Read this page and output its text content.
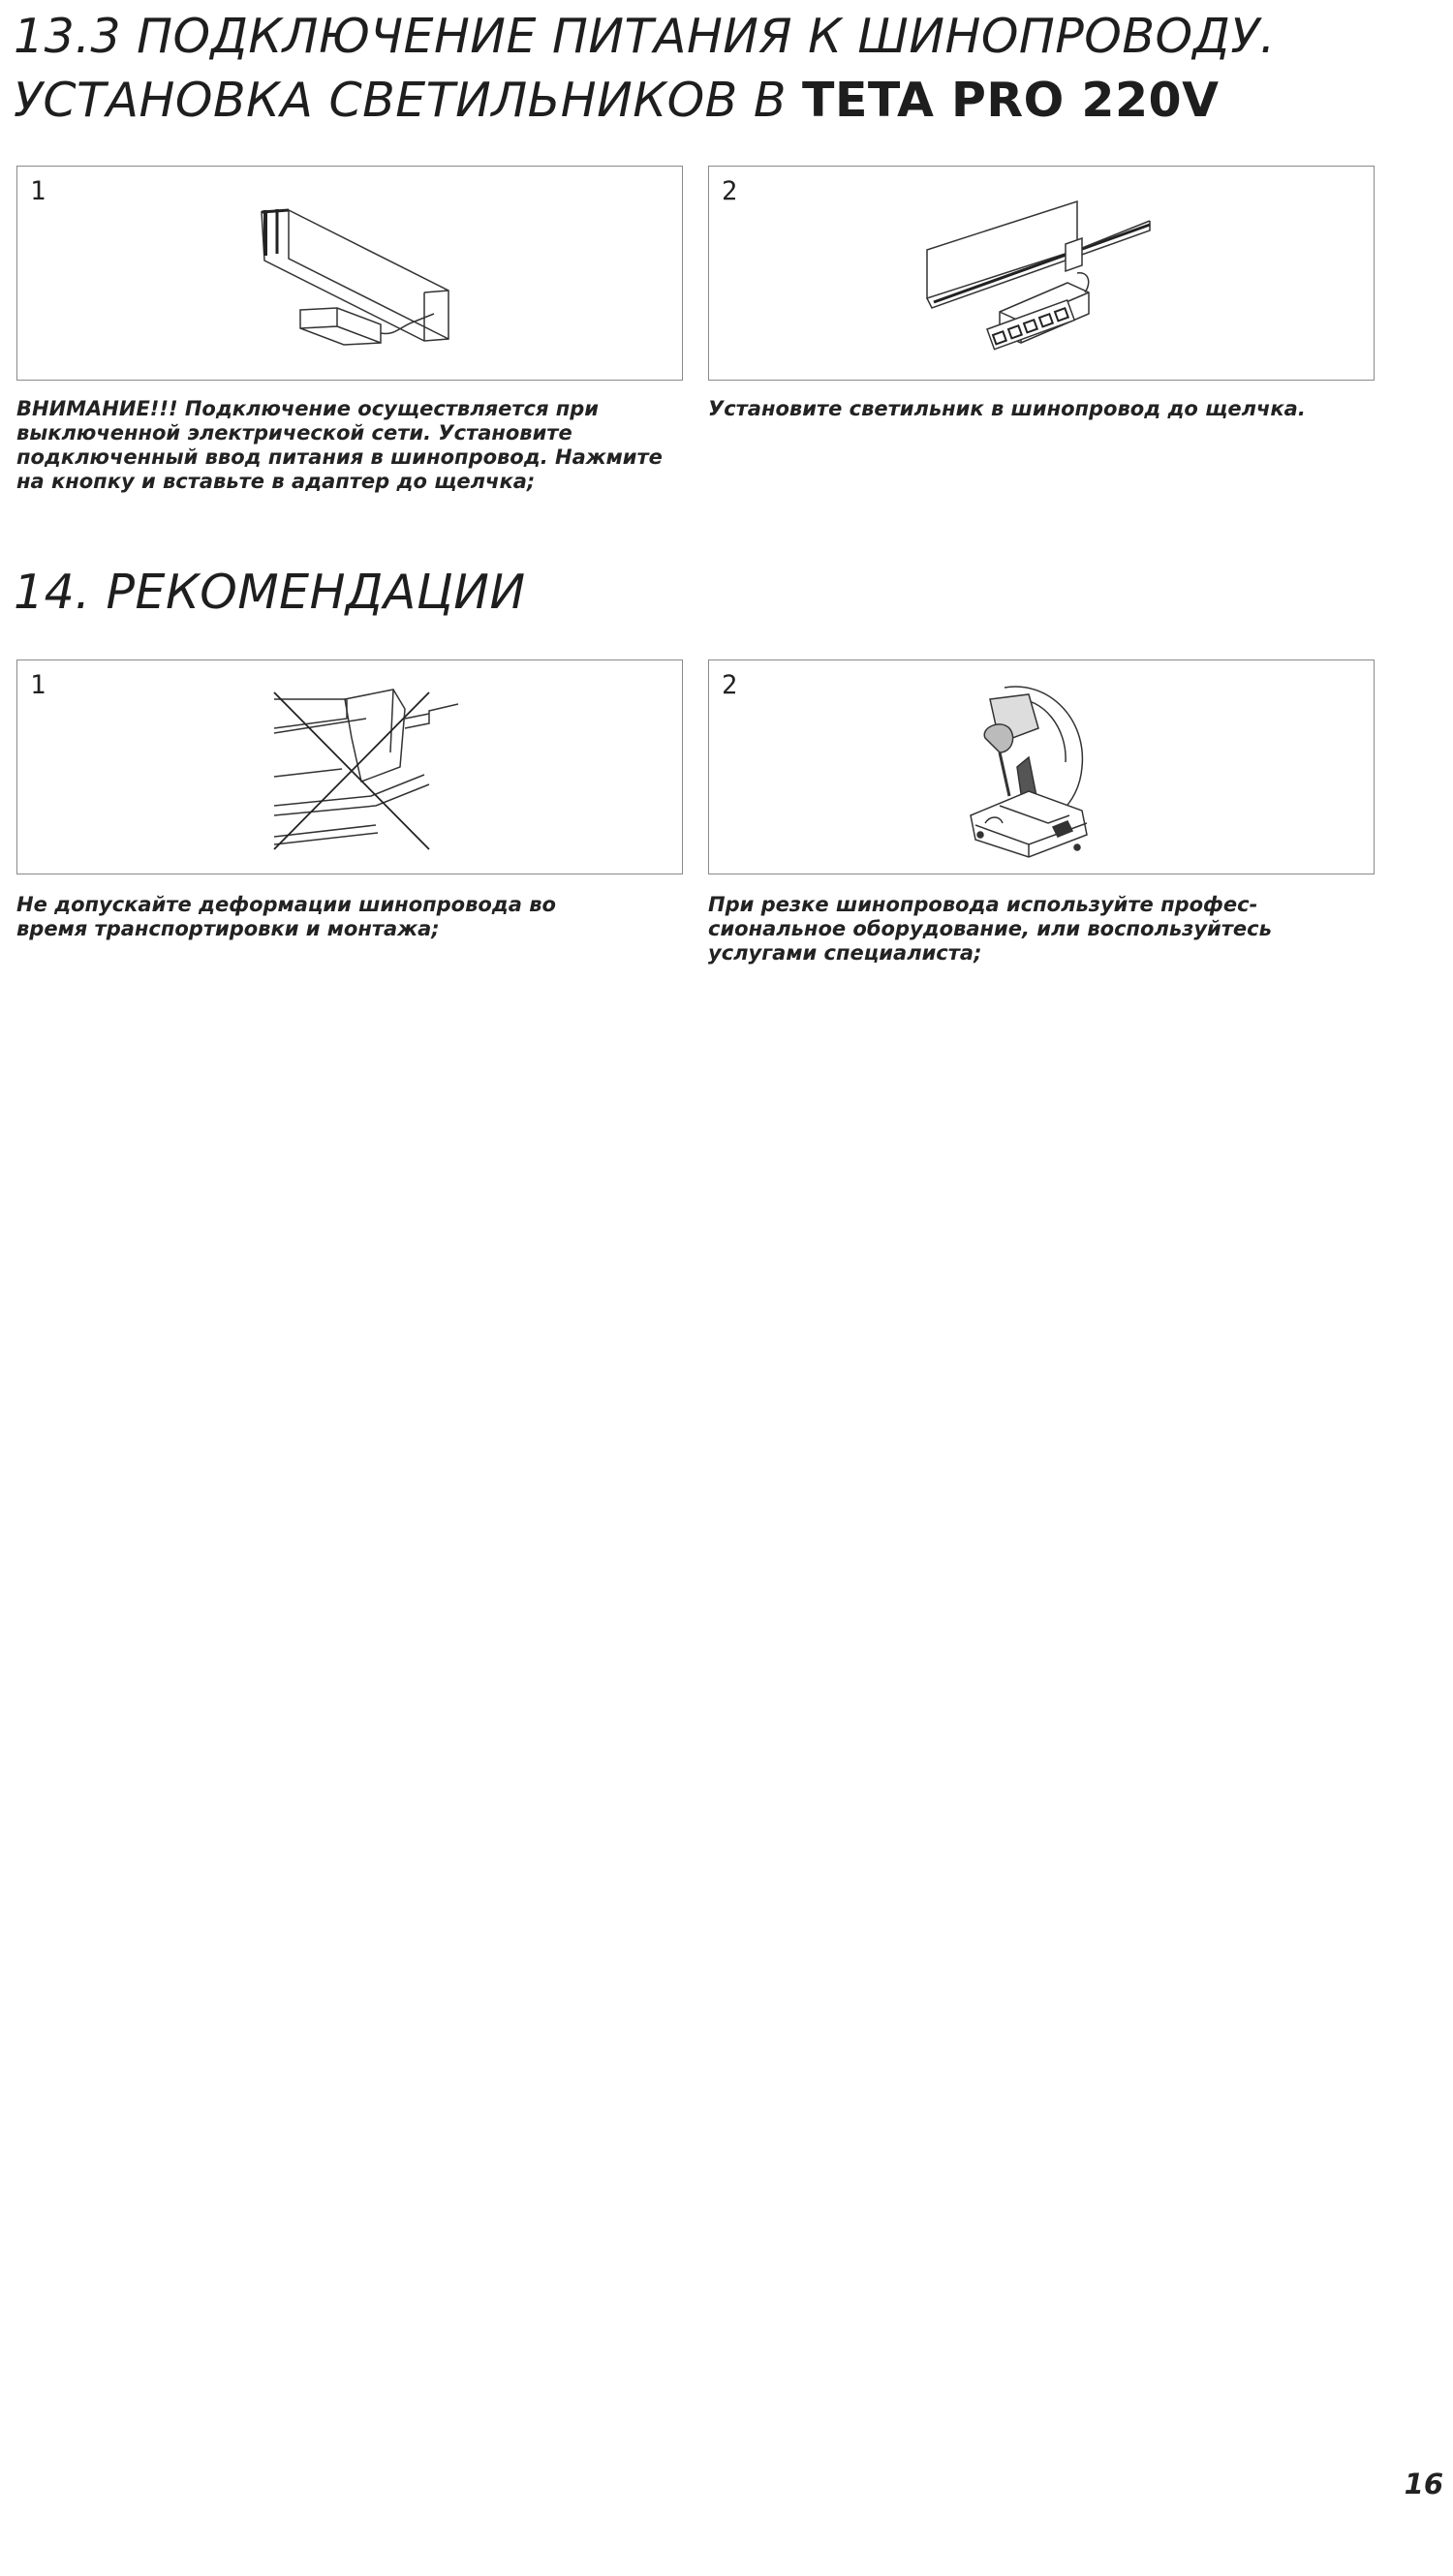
13.3 ПОДКЛЮЧЕНИЕ ПИТАНИЯ К ШИНОПРОВОДУ.
УСТАНОВКА СВЕТИЛЬНИКОВ В TETA PRO 220V
1	2

ВНИМАНИЕ!!! Подключение осуществляется при выключенной электрической сети. Установите подключенный ввод питания в шинопровод. Нажмите на кнопку и вставьте в адаптер до щелчка;

Установите светильник в шинопровод до щелчка.

14. РЕКОМЕНДАЦИИ
1	2

Не допускайте деформации шинопровода во время транспортировки и монтажа;

При резке шинопровода используйте профес-сиональное оборудование, или воспользуйтесь услугами специалиста;

16
